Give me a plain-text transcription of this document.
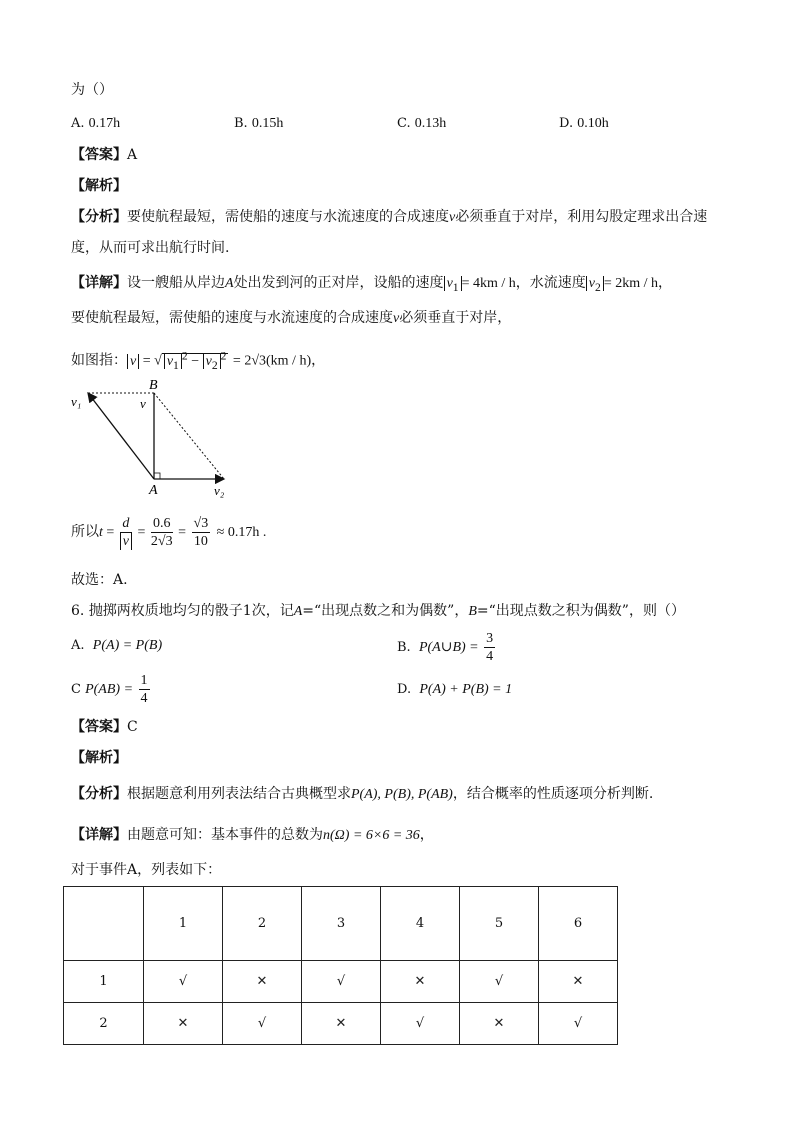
为（）
A. 0.17h	B. 0.15h	C. 0.13h	D. 0.10h
【答案】A
【解析】
【分析】要使航程最短，需使船的速度与水流速度的合成速度v必须垂直于对岸，利用勾股定理求出合速
度，从而可求出航行时间.
【详解】设一艘船从岸边A处出发到河的正对岸，设船的速度 $v_1 = 4km / h$，水流速度 $v_2 = 2km / h$，
要使航程最短，需使船的速度与水流速度的合成速度v必须垂直于对岸，
如图指： v = √ $v_1^2 - v_2^2 = 2√3(km / h)$，
B
A
v₁	v
v₂
所以$t = \frac{d}{v} = \frac{0.6}{2√3} = \frac{√3}{10} \approx 0.17h$ .
故选：A.
6. 抛掷两枚质地均匀的骰子1次，记A=“出现点数之和为偶数”，B=“出现点数之积为偶数”，则（）
A. P(A) = P(B)	B. P(A∪B) = $\frac{3}{4}$
C $P(AB) = \frac{1}{4}$	D. P(A) + P(B) = 1
【答案】C
【解析】
【分析】根据题意利用列表法结合古典概型求P(A), P(B), P(AB)，结合概率的性质逐项分析判断.
【详解】由题意可知：基本事件的总数为n(Ω) = 6×6 = 36，
对于事件A，列表如下：
	1	2	3	4	5	6
1	√	✕	√	✕	√	✕
2	✕	√	✕	√	✕	√
